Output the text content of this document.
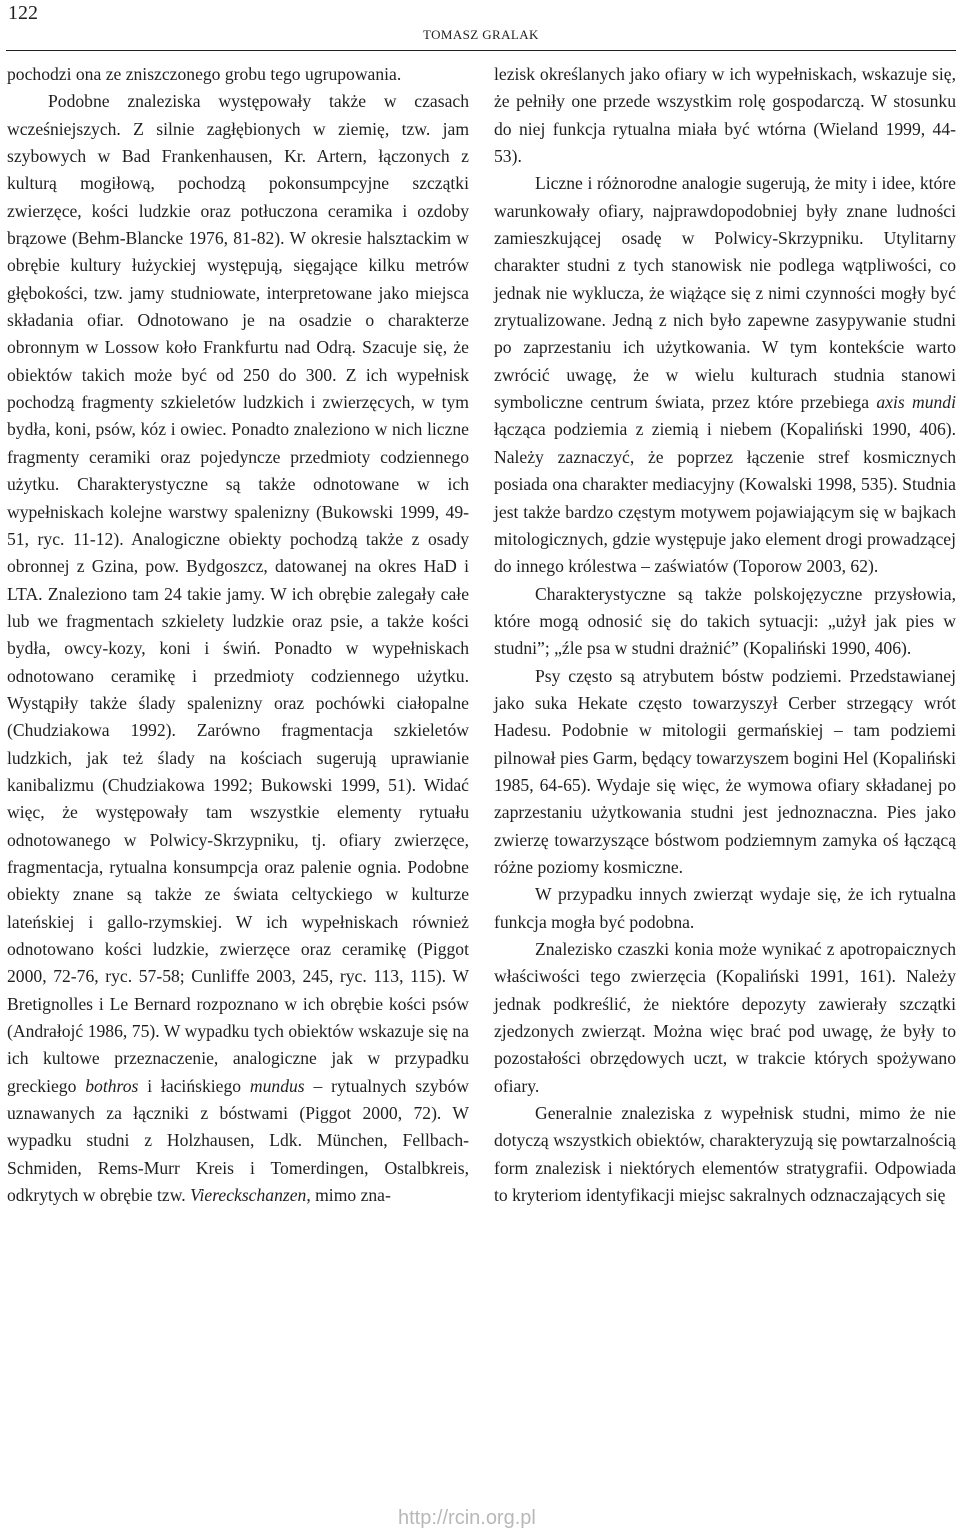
122
TOMASZ GRALAK

pochodzi ona ze zniszczonego grobu tego ugrupowania.

Podobne znaleziska występowały także w czasach wcześniejszych. Z silnie zagłębionych w ziemię, tzw. jam szybowych w Bad Frankenhausen, Kr. Artern, łączonych z kulturą mogiłową, pochodzą pokonsumpcyjne szczątki zwierzęce, kości ludzkie oraz potłuczona ceramika i ozdoby brązowe (Behm-Blancke 1976, 81-82). W okresie halsztackim w obrębie kultury łużyckiej występują, sięgające kilku metrów głębokości, tzw. jamy studniowate, interpretowane jako miejsca składania ofiar. Odnotowano je na osadzie o charakterze obronnym w Lossow koło Frankfurtu nad Odrą. Szacuje się, że obiektów takich może być od 250 do 300. Z ich wypełnisk pochodzą fragmenty szkieletów ludzkich i zwierzęcych, w tym bydła, koni, psów, kóz i owiec. Ponadto znaleziono w nich liczne fragmenty ceramiki oraz pojedyncze przedmioty codziennego użytku. Charakterystyczne są także odnotowane w ich wypełniskach kolejne warstwy spalenizny (Bukowski 1999, 49-51, ryc. 11-12). Analogiczne obiekty pochodzą także z osady obronnej z Gzina, pow. Bydgoszcz, datowanej na okres HaD i LTA. Znaleziono tam 24 takie jamy. W ich obrębie zalegały całe lub we fragmentach szkielety ludzkie oraz psie, a także kości bydła, owcy-kozy, koni i świń. Ponadto w wypełniskach odnotowano ceramikę i przedmioty codziennego użytku. Wystąpiły także ślady spalenizny oraz pochówki ciałopalne (Chudziakowa 1992). Zarówno fragmentacja szkieletów ludzkich, jak też ślady na kościach sugerują uprawianie kanibalizmu (Chudziakowa 1992; Bukowski 1999, 51). Widać więc, że występowały tam wszystkie elementy rytuału odnotowanego w Polwicy-Skrzypniku, tj. ofiary zwierzęce, fragmentacja, rytualna konsumpcja oraz palenie ognia. Podobne obiekty znane są także ze świata celtyckiego w kulturze lateńskiej i gallo-rzymskiej. W ich wypełniskach również odnotowano kości ludzkie, zwierzęce oraz ceramikę (Piggot 2000, 72-76, ryc. 57-58; Cunliffe 2003, 245, ryc. 113, 115). W Bretignolles i Le Bernard rozpoznano w ich obrębie kości psów (Andrałojć 1986, 75). W wypadku tych obiektów wskazuje się na ich kultowe przeznaczenie, analogiczne jak w przypadku greckiego bothros i łacińskiego mundus – rytualnych szybów uznawanych za łączniki z bóstwami (Piggot 2000, 72). W wypadku studni z Holzhausen, Ldk. München, Fellbach-Schmiden, Rems-Murr Kreis i Tomerdingen, Ostalbkreis, odkrytych w obrębie tzw. Viereckschanzen, mimo zna-

lezisk określanych jako ofiary w ich wypełniskach, wskazuje się, że pełniły one przede wszystkim rolę gospodarczą. W stosunku do niej funkcja rytualna miała być wtórna (Wieland 1999, 44-53).

Liczne i różnorodne analogie sugerują, że mity i idee, które warunkowały ofiary, najprawdopodobniej były znane ludności zamieszkującej osadę w Polwicy-Skrzypniku. Utylitarny charakter studni z tych stanowisk nie podlega wątpliwości, co jednak nie wyklucza, że wiążące się z nimi czynności mogły być zrytualizowane. Jedną z nich było zapewne zasypywanie studni po zaprzestaniu ich użytkowania. W tym kontekście warto zwrócić uwagę, że w wielu kulturach studnia stanowi symboliczne centrum świata, przez które przebiega axis mundi łącząca podziemia z ziemią i niebem (Kopaliński 1990, 406). Należy zaznaczyć, że poprzez łączenie stref kosmicznych posiada ona charakter mediacyjny (Kowalski 1998, 535). Studnia jest także bardzo częstym motywem pojawiającym się w bajkach mitologicznych, gdzie występuje jako element drogi prowadzącej do innego królestwa – zaświatów (Toporow 2003, 62).

Charakterystyczne są także polskojęzyczne przysłowia, które mogą odnosić się do takich sytuacji: „użył jak pies w studni”; „źle psa w studni drażnić” (Kopaliński 1990, 406).

Psy często są atrybutem bóstw podziemi. Przedstawianej jako suka Hekate często towarzyszył Cerber strzegący wrót Hadesu. Podobnie w mitologii germańskiej – tam podziemi pilnował pies Garm, będący towarzyszem bogini Hel (Kopaliński 1985, 64-65). Wydaje się więc, że wymowa ofiary składanej po zaprzestaniu użytkowania studni jest jednoznaczna. Pies jako zwierzę towarzyszące bóstwom podziemnym zamyka oś łączącą różne poziomy kosmiczne.

W przypadku innych zwierząt wydaje się, że ich rytualna funkcja mogła być podobna.

Znalezisko czaszki konia może wynikać z apotropaicznych właściwości tego zwierzęcia (Kopaliński 1991, 161). Należy jednak podkreślić, że niektóre depozyty zawierały szczątki zjedzonych zwierząt. Można więc brać pod uwagę, że były to pozostałości obrzędowych uczt, w trakcie których spożywano ofiary.

Generalnie znaleziska z wypełnisk studni, mimo że nie dotyczą wszystkich obiektów, charakteryzują się powtarzalnością form znalezisk i niektórych elementów stratygrafii. Odpowiada to kryteriom identyfikacji miejsc sakralnych odznaczających się

http://rcin.org.pl
